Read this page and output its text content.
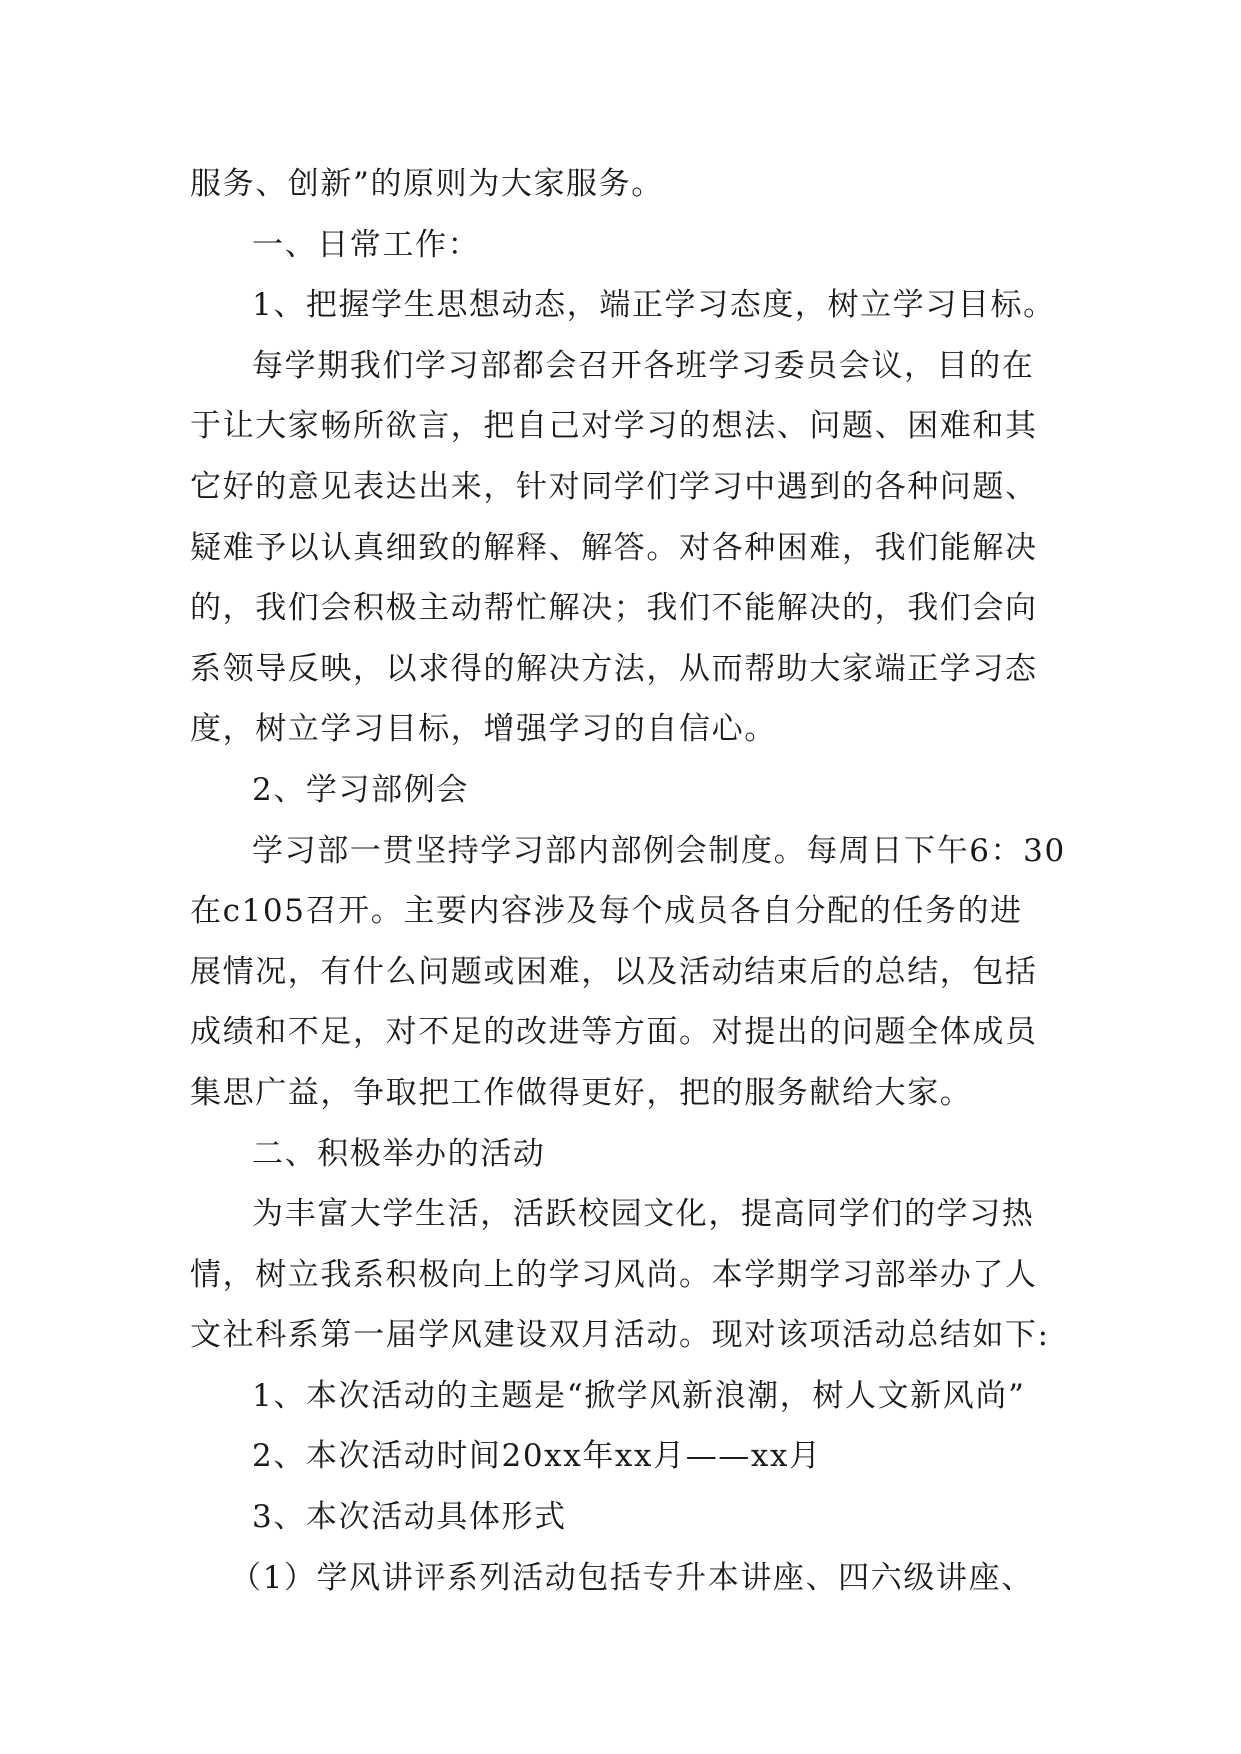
服务、创新”的原则为大家服务。
一、日常工作：
1、把握学生思想动态，端正学习态度，树立学习目标。
每学期我们学习部都会召开各班学习委员会议，目的在
于让大家畅所欲言，把自己对学习的想法、问题、困难和其
它好的意见表达出来，针对同学们学习中遇到的各种问题、
疑难予以认真细致的解释、解答。对各种困难，我们能解决
的，我们会积极主动帮忙解决；我们不能解决的，我们会向
系领导反映，以求得的解决方法，从而帮助大家端正学习态
度，树立学习目标，增强学习的自信心。
2、学习部例会
学习部一贯坚持学习部内部例会制度。每周日下午6：30
在c105召开。主要内容涉及每个成员各自分配的任务的进
展情况，有什么问题或困难，以及活动结束后的总结，包括
成绩和不足，对不足的改进等方面。对提出的问题全体成员
集思广益，争取把工作做得更好，把的服务献给大家。
二、积极举办的活动
为丰富大学生活，活跃校园文化，提高同学们的学习热
情，树立我系积极向上的学习风尚。本学期学习部举办了人
文社科系第一届学风建设双月活动。现对该项活动总结如下:
1、本次活动的主题是“掀学风新浪潮，树人文新风尚”
2、本次活动时间20xx年xx月——xx月
3、本次活动具体形式
（1）学风讲评系列活动包括专升本讲座、四六级讲座、
